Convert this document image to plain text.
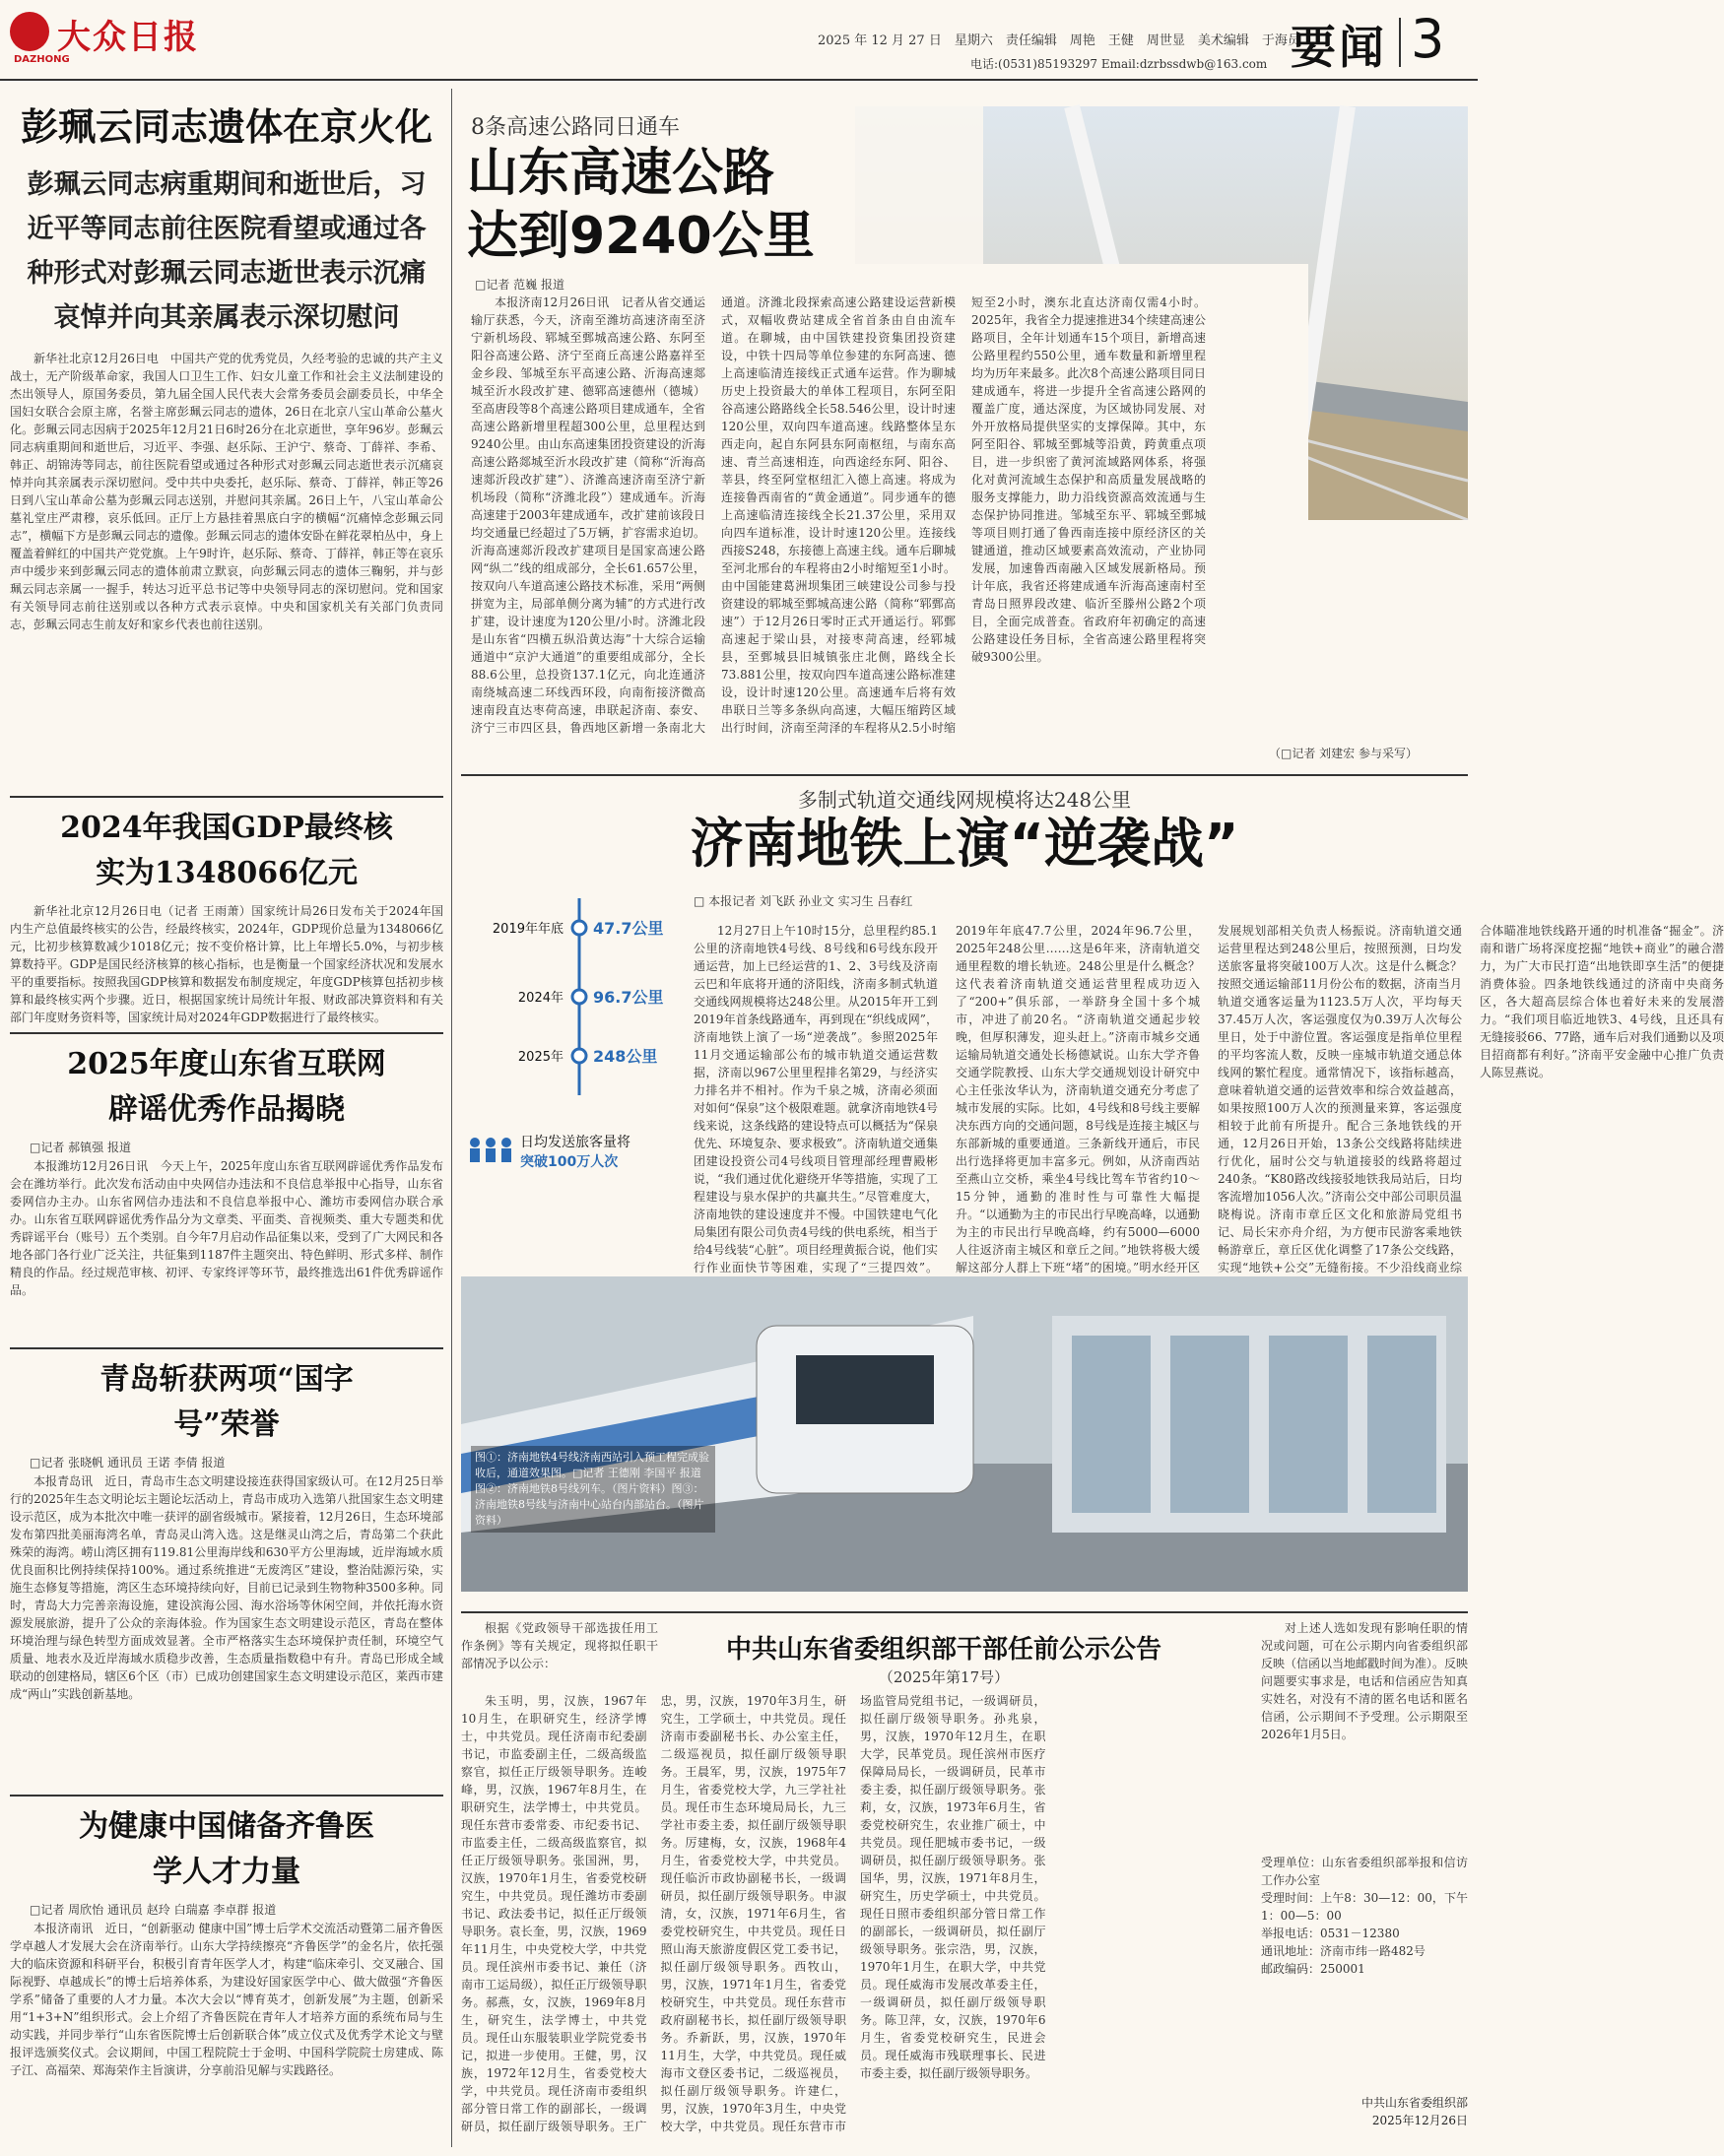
大众日报
DAZHONG
2025 年 12 月 27 日　星期六　责任编辑　周艳　王健　周世显　美术编辑　于海员
电话:(0531)85193297 Email:dzrbssdwb@163.com 要闻 3
彭珮云同志遗体在京火化
彭珮云同志病重期间和逝世后，习近平等同志前往医院看望或通过各种形式对彭珮云同志逝世表示沉痛哀悼并向其亲属表示深切慰问

新华社北京12月26日电　中国共产党的优秀党员，久经考验的忠诚的共产主义战士，无产阶级革命家，我国人口卫生工作、妇女儿童工作和社会主义法制建设的杰出领导人，原国务委员，第九届全国人民代表大会常务委员会副委员长，中华全国妇女联合会原主席，名誉主席彭珮云同志的遗体，26日在北京八宝山革命公墓火化。彭珮云同志因病于2025年12月21日6时26分在北京逝世，享年96岁。彭珮云同志病重期间和逝世后，习近平、李强、赵乐际、王沪宁、蔡奇、丁薛祥、李希、韩正、胡锦涛等同志，前往医院看望或通过各种形式对彭珮云同志逝世表示沉痛哀悼并向其亲属表示深切慰问。受中共中央委托，赵乐际、蔡奇、丁薛祥，韩正等26日到八宝山革命公墓为彭珮云同志送别，并慰问其亲属。26日上午，八宝山革命公墓礼堂庄严肃穆，哀乐低回。正厅上方悬挂着黑底白字的横幅“沉痛悼念彭珮云同志”，横幅下方是彭珮云同志的遗像。彭珮云同志的遗体安卧在鲜花翠柏丛中，身上覆盖着鲜红的中国共产党党旗。上午9时许，赵乐际、蔡奇、丁薛祥，韩正等在哀乐声中缓步来到彭珮云同志的遗体前肃立默哀，向彭珮云同志的遗体三鞠躬，并与彭珮云同志亲属一一握手，转达习近平总书记等中央领导同志的深切慰问。党和国家有关领导同志前往送别或以各种方式表示哀悼。中央和国家机关有关部门负责同志，彭珮云同志生前友好和家乡代表也前往送别。

2024年我国GDP最终核实为1348066亿元

新华社北京12月26日电（记者 王雨萧）国家统计局26日发布关于2024年国内生产总值最终核实的公告，经最终核实，2024年，GDP现价总量为1348066亿元，比初步核算数减少1018亿元；按不变价格计算，比上年增长5.0%，与初步核算数持平。GDP是国民经济核算的核心指标，也是衡量一个国家经济状况和发展水平的重要指标。按照我国GDP核算和数据发布制度规定，年度GDP核算包括初步核算和最终核实两个步骤。近日，根据国家统计局统计年报、财政部决算资料和有关部门年度财务资料等，国家统计局对2024年GDP数据进行了最终核实。

2025年度山东省互联网辟谣优秀作品揭晓
□记者 郝镇强 报道

本报潍坊12月26日讯　今天上午，2025年度山东省互联网辟谣优秀作品发布会在潍坊举行。此次发布活动由中央网信办违法和不良信息举报中心指导，山东省委网信办主办。山东省网信办违法和不良信息举报中心、潍坊市委网信办联合承办。山东省互联网辟谣优秀作品分为文章类、平面类、音视频类、重大专题类和优秀辟谣平台（账号）五个类别。自今年7月启动作品征集以来，受到了广大网民和各地各部门各行业广泛关注，共征集到1187件主题突出、特色鲜明、形式多样、制作精良的作品。经过规范审核、初评、专家终评等环节，最终推选出61件优秀辟谣作品。

青岛斩获两项“国字号”荣誉
□记者 张晓帆 通讯员 王诺 李倩 报道

本报青岛讯　近日，青岛市生态文明建设接连获得国家级认可。在12月25日举行的2025年生态文明论坛主题论坛活动上，青岛市成功入选第八批国家生态文明建设示范区，成为本批次中唯一获评的副省级城市。紧接着，12月26日，生态环境部发布第四批美丽海湾名单，青岛灵山湾入选。这是继灵山湾之后，青岛第二个获此殊荣的海湾。崂山湾区拥有119.81公里海岸线和630平方公里海域，近岸海域水质优良面积比例持续保持100%。通过系统推进“无废湾区”建设，整治陆源污染，实施生态修复等措施，湾区生态环境持续向好，目前已记录到生物物种3500多种。同时，青岛大力完善亲海设施，建设滨海公园、海水浴场等休闲空间，并依托海水资源发展旅游，提升了公众的亲海体验。作为国家生态文明建设示范区，青岛在整体环境治理与绿色转型方面成效显著。全市严格落实生态环境保护责任制，环境空气质量、地表水及近岸海域水质稳步改善，生态质量指数稳中有升。青岛已形成全域联动的创建格局，辖区6个区（市）已成功创建国家生态文明建设示范区，莱西市建成“两山”实践创新基地。

为健康中国储备齐鲁医学人才力量
□记者 周欣怡 通讯员 赵玲 白瑞嘉 李卓群 报道

本报济南讯　近日，“创新驱动 健康中国”博士后学术交流活动暨第二届齐鲁医学卓越人才发展大会在济南举行。山东大学持续擦亮“齐鲁医学”的金名片，依托强大的临床资源和科研平台，积极引育青年医学人才，构建“临床牵引、交叉融合、国际视野、卓越成长”的博士后培养体系，为建设好国家医学中心、做大做强“齐鲁医学系”储备了重要的人才力量。本次大会以“博育英才，创新发展”为主题，创新采用“1+3+N”组织形式。会上介绍了齐鲁医院在青年人才培养方面的系统布局与生动实践，并同步举行“山东省医院博士后创新联合体”成立仪式及优秀学术论文与壁报评选颁奖仪式。会议期间，中国工程院院士于金明、中国科学院院士房建成、陈子江、高福荣、郑海荣作主旨演讲，分享前沿见解与实践路径。

8条高速公路同日通车
山东高速公路
达到9240公里
□记者 范巍 报道

本报济南12月26日讯　记者从省交通运输厅获悉，今天，济南至潍坊高速济南至济宁新机场段、郓城至鄄城高速公路、东阿至阳谷高速公路、济宁至商丘高速公路嘉祥至金乡段、邹城至东平高速公路、沂海高速郯城至沂水段改扩建、德郓高速德州（德城）至高唐段等8个高速公路项目建成通车，全省高速公路新增里程超300公里，总里程达到9240公里。由山东高速集团投资建设的沂海高速公路郯城至沂水段改扩建（简称“沂海高速郯沂段改扩建”）、济潍高速济南至济宁新机场段（简称“济潍北段”）建成通车。沂海高速建于2003年建成通车，改扩建前该段日均交通量已经超过了5万辆，扩容需求迫切。沂海高速郯沂段改扩建项目是国家高速公路网“纵二”线的组成部分，全长61.657公里，按双向八车道高速公路技术标准，采用“两侧拼宽为主，局部单侧分离为辅”的方式进行改扩建，设计速度为120公里/小时。济潍北段是山东省“四横五纵沿黄达海”十大综合运输通道中“京沪大通道”的重要组成部分，全长88.6公里，总投资137.1亿元，向北连通济南绕城高速二环线西环段，向南衔接济微高速南段直达枣荷高速，串联起济南、泰安、济宁三市四区县，鲁西地区新增一条南北大通道。济潍北段探索高速公路建设运营新模式，双幅收费站建成全省首条由自由流车道。在聊城，由中国铁建投资集团投资建设，中铁十四局等单位参建的东阿高速、德上高速临清连接线正式通车运营。作为聊城历史上投资最大的单体工程项目，东阿至阳谷高速公路路线全长58.546公里，设计时速120公里，双向四车道高速。线路整体呈东西走向，起自东阿县东阿南枢纽，与南东高速、青兰高速相连，向西途经东阿、阳谷、莘县，终至阿堂枢纽汇入德上高速。将成为连接鲁西南省的“黄金通道”。同步通车的德上高速临清连接线全长21.37公里，采用双向四车道标准，设计时速120公里。连接线西接S248，东接德上高速主线。通车后聊城至河北邢台的车程将由2小时缩短至1小时。由中国能建葛洲坝集团三峡建设公司参与投资建设的郓城至鄄城高速公路（简称“郓鄄高速”）于12月26日零时正式开通运行。郓鄄高速起于梁山县，对接枣菏高速，经郓城县，至鄄城县旧城镇张庄北侧，路线全长73.881公里，按双向四车道高速公路标准建设，设计时速120公里。高速通车后将有效串联日兰等多条纵向高速，大幅压缩跨区域出行时间，济南至菏泽的车程将从2.5小时缩短至2小时，澳东北直达济南仅需4小时。2025年，我省全力提速推进34个续建高速公路项目，全年计划通车15个项目，新增高速公路里程约550公里，通车数量和新增里程均为历年来最多。此次8个高速公路项目同日建成通车，将进一步提升全省高速公路网的覆盖广度，通达深度，为区域协同发展、对外开放格局提供坚实的支撑保障。其中，东阿至阳谷、郓城至鄄城等沿黄，跨黄重点项目，进一步织密了黄河流域路网体系，将强化对黄河流域生态保护和高质量发展战略的服务支撑能力，助力沿线资源高效流通与生态保护协同推进。邹城至东平、郓城至鄄城等项目则打通了鲁西南连接中原经济区的关键通道，推动区域要素高效流动，产业协同发展，加速鲁西南融入区域发展新格局。预计年底，我省还将建成通车沂海高速南村至青岛日照界段改建、临沂至滕州公路2个项目，全面完成普查。省政府年初确定的高速公路建设任务目标，全省高速公路里程将突破9300公里。

（□记者 刘建宏 参与采写）
多制式轨道交通线网规模将达248公里
济南地铁上演“逆袭战”
2019年年底 47.7公里
2024年 96.7公里
2025年 248公里
日均发送旅客量将
突破100万人次
□ 本报记者 刘飞跃 孙业文 实习生 吕春红

12月27日上午10时15分，总里程约85.1公里的济南地铁4号线、8号线和6号线东段开通运营，加上已经运营的1、2、3号线及济南云巴和年底将开通的济阳线，济南多制式轨道交通线网规模将达248公里。从2015年开工到2019年首条线路通车，再到现在“织线成网”，济南地铁上演了一场“逆袭战”。参照2025年11月交通运输部公布的城市轨道交通运营数据，济南以967公里里程排名第29，与经济实力排名并不相衬。作为千泉之城，济南必须面对如何“保泉”这个极限难题。就拿济南地铁4号线来说，这条线路的建设特点可以概括为“保泉优先、环境复杂、要求极致”。济南轨道交通集团建设投资公司4号线项目管理部经理曹殿彬说，“我们通过优化避绕开华等措施，实现了工程建设与泉水保护的共赢共生。”尽管难度大，济南地铁的建设速度并不慢。中国铁建电气化局集团有限公司负责4号线的供电系统，相当于给4号线装“心脏”。项目经理黄振合说，他们实行作业面快节等困难，实现了“三提四效”。2019年年底47.7公里，2024年96.7公里，2025年248公里……这是6年来，济南轨道交通里程数的增长轨迹。248公里是什么概念？这代表着济南轨道交通运营里程成功迈入了“200+”俱乐部，一举跻身全国十多个城市，冲进了前20名。“济南轨道交通起步较晚，但厚积薄发，迎头赶上。”济南市城乡交通运输局轨道交通处长杨德斌说。山东大学齐鲁交通学院教授、山东大学交通规划设计研究中心主任张汝华认为，济南轨道交通充分考虑了城市发展的实际。比如，4号线和8号线主要解决东西方向的交通问题，8号线是连接主城区与东部新城的重要通道。三条新线开通后，市民出行选择将更加丰富多元。例如，从济南西站至燕山立交桥，乘坐4号线比驾车节省约10～15分钟，通勤的准时性与可靠性大幅提升。“以通勤为主的市民出行早晚高峰，以通勤为主的市民出行早晚高峰，约有5000—6000人往返济南主城区和章丘之间。”地铁将极大缓解这部分人群上下班“堵”的困境。”明水经开区发展规划部相关负责人杨振说。济南轨道交通运营里程达到248公里后，按照预测，日均发送旅客量将突破100万人次。这是什么概念？按照交通运输部11月份公布的数据，济南当月轨道交通客运量为1123.5万人次，平均每天37.45万人次，客运强度仅为0.39万人次每公里日，处于中游位置。客运强度是指单位里程的平均客流人数，反映一座城市轨道交通总体线网的繁忙程度。通常情况下，该指标越高，意味着轨道交通的运营效率和综合效益越高，如果按照100万人次的预测量来算，客运强度相较于此前有所提升。配合三条地铁线的开通，12月26日开始，13条公交线路将陆续进行优化，届时公交与轨道接驳的线路将超过240条。“K80路改线接驳地铁我局站后，日均客流增加1056人次。”济南公交中部公司职员温晓梅说。济南市章丘区文化和旅游局党组书记、局长宋亦舟介绍，为方便市民游客乘地铁畅游章丘，章丘区优化调整了17条公交线路，实现“地铁+公交”无缝衔接。不少沿线商业综合体瞄准地铁线路开通的时机准备“掘金”。济南和谐广场将深度挖掘“地铁+商业”的融合潜力，为广大市民打造“出地铁即享生活”的便捷消费体验。四条地铁线通过的济南中央商务区，各大超高层综合体也着好未来的发展潜力。“我们项目临近地铁3、4号线，且还具有无缝接驳66、77路，通车后对我们通勤以及项目招商都有利好。”济南平安金融中心推广负责人陈昱燕说。

图①：济南地铁4号线济南西站引入预工程完成验收后，通道效果图。□记者 王德刚 李国平 报道　图②：济南地铁8号线列车。（图片资料）图③：济南地铁8号线与济南中心站台内部站台。（图片资料）

根据《党政领导干部选拔任用工作条例》等有关规定，现将拟任职干部情况予以公示：	中共山东省委组织部干部任前公示公告
（2025年第17号）

朱玉明，男，汉族，1967年10月生，在职研究生，经济学博士，中共党员。现任济南市纪委副书记，市监委副主任，二级高级监察官，拟任正厅级领导职务。连峻峰，男，汉族，1967年8月生，在职研究生，法学博士，中共党员。现任东营市委常委、市纪委书记、市监委主任，二级高级监察官，拟任正厅级领导职务。张国洲，男，汉族，1970年1月生，省委党校研究生，中共党员。现任潍坊市委副书记、政法委书记，拟任正厅级领导职务。袁长奎，男，汉族，1969年11月生，中央党校大学，中共党员。现任滨州市委书记、兼任（济南市工运局级），拟任正厅级领导职务。郝燕，女，汉族，1969年8月生，研究生，法学博士，中共党员。现任山东服装职业学院党委书记，拟进一步使用。王健，男，汉族，1972年12月生，省委党校大学，中共党员。现任济南市委组织部分管日常工作的副部长，一级调研员，拟任副厅级领导职务。王广忠，男，汉族，1970年3月生，研究生，工学硕士，中共党员。现任济南市委副秘书长、办公室主任，二级巡视员，拟任副厅级领导职务。王晨军，男，汉族，1975年7月生，省委党校大学，九三学社社员。现任市生态环境局局长，九三学社市委主委，拟任副厅级领导职务。厉建梅，女，汉族，1968年4月生，省委党校大学，中共党员。现任临沂市政协副秘书长，一级调研员，拟任副厅级领导职务。申淑清，女，汉族，1971年6月生，省委党校研究生，中共党员。现任日照山海天旅游度假区党工委书记，拟任副厅级领导职务。西牧山，男，汉族，1971年1月生，省委党校研究生，中共党员。现任东营市政府副秘书长，拟任副厅级领导职务。乔新跃，男，汉族，1970年11月生，大学，中共党员。现任威海市文登区委书记，二级巡视员，拟任副厅级领导职务。许建仁，男，汉族，1970年3月生，中央党校大学，中共党员。现任东营市市场监管局党组书记，一级调研员，拟任副厅级领导职务。孙兆泉，男，汉族，1970年12月生，在职大学，民革党员。现任滨州市医疗保障局局长，一级调研员，民革市委主委，拟任副厅级领导职务。张莉，女，汉族，1973年6月生，省委党校研究生，农业推广硕士，中共党员。现任肥城市委书记，一级调研员，拟任副厅级领导职务。张国华，男，汉族，1971年8月生，研究生，历史学硕士，中共党员。现任日照市委组织部分管日常工作的副部长，一级调研员，拟任副厅级领导职务。张宗浩，男，汉族，1970年1月生，在职大学，中共党员。现任威海市发展改革委主任，一级调研员，拟任副厅级领导职务。陈卫萍，女，汉族，1970年6月生，省委党校研究生，民进会员。现任威海市残联理事长、民进市委主委，拟任副厅级领导职务。

对上述人选如发现有影响任职的情况或问题，可在公示期内向省委组织部反映（信函以当地邮戳时间为准）。反映问题要实事求是，电话和信函应告知真实姓名，对没有不清的匿名电话和匿名信函，公示期间不予受理。公示期限至2026年1月5日。

受理单位：山东省委组织部举报和信访工作办公室
受理时间：上午8：30—12：00，下午1：00—5：00
举报电话：0531－12380
通讯地址：济南市纬一路482号
邮政编码：250001
中共山东省委组织部
2025年12月26日
